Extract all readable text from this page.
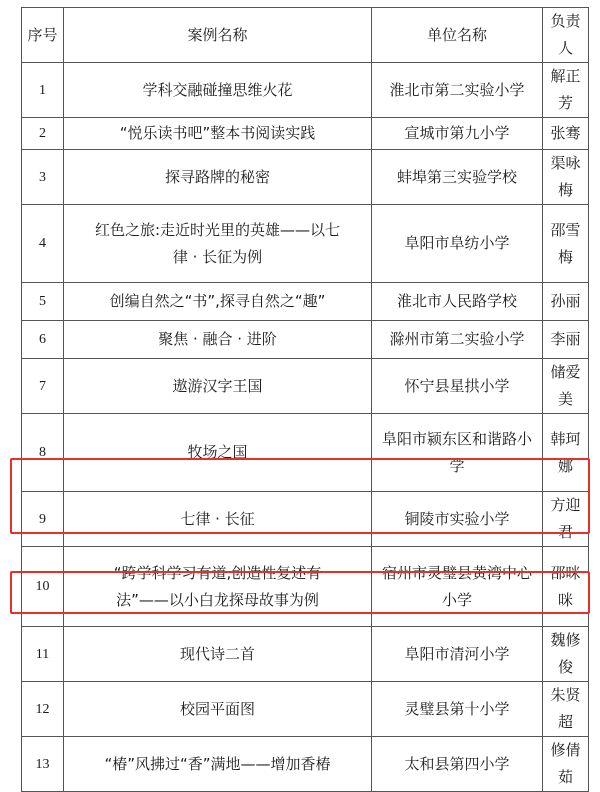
序号	案例名称	单位名称	负责人
1	学科交融碰撞思维火花	淮北市第二实验小学	解正芳
2	“悦乐读书吧”整本书阅读实践	宣城市第九小学	张骞
3	探寻路牌的秘密	蚌埠第三实验学校	渠咏梅
4	红色之旅:走近时光里的英雄——以七律 · 长征为例	阜阳市阜纺小学	邵雪梅
5	创编自然之“书”,探寻自然之“趣”	淮北市人民路学校	孙丽
6	聚焦 · 融合 · 进阶	滁州市第二实验小学	李丽
7	遨游汉字王国	怀宁县星拱小学	储爱美
8	牧场之国	阜阳市颍东区和谐路小学	韩珂娜
9	七律 · 长征	铜陵市实验小学	方迎君
10	“跨学科学习有道,创造性复述有法”——以小白龙探母故事为例	宿州市灵璧县黄湾中心小学	邵咪咪
11	现代诗二首	阜阳市清河小学	魏修俊
12	校园平面图	灵璧县第十小学	朱贤超
13	“椿”风拂过“香”满地——增加香椿	太和县第四小学	修倩茹
